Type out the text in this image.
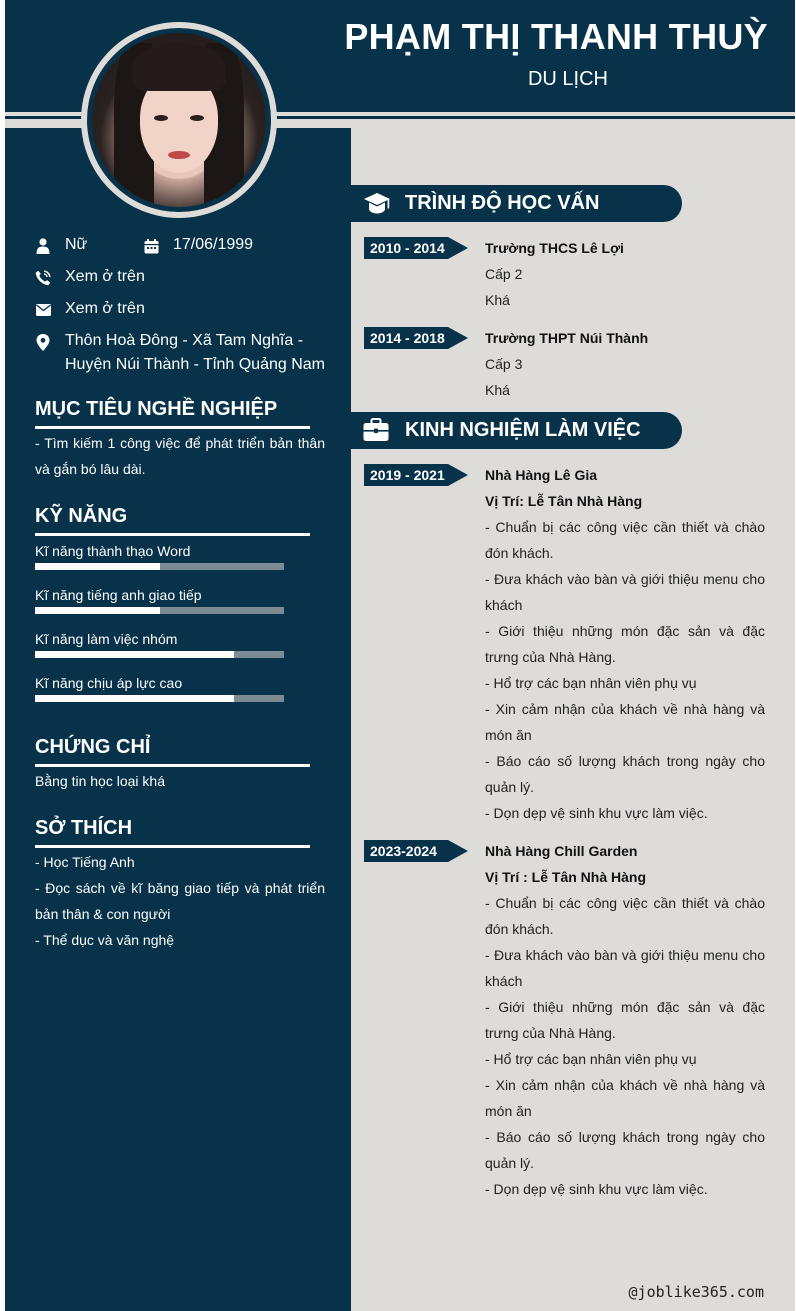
PHẠM THỊ THANH THUỲ
DU LỊCH
Nữ	17/06/1999
Xem ở trên
Xem ở trên
Thôn Hoà Đông - Xã Tam Nghĩa - Huyện Núi Thành - Tỉnh Quảng Nam
MỤC TIÊU NGHỀ NGHIỆP
- Tìm kiếm 1 công việc để phát triển bản thân và gắn bó lâu dài.
KỸ NĂNG
Kĩ năng thành thạo Word
Kĩ năng tiếng anh giao tiếp
Kĩ năng làm việc nhóm
Kĩ năng chịu áp lực cao
CHỨNG CHỈ
Bằng tin học loại khá
SỞ THÍCH
- Học Tiếng Anh
- Đọc sách về kĩ băng giao tiếp và phát triển bản thân & con người
- Thể dục và văn nghệ
TRÌNH ĐỘ HỌC VẤN
2010 - 2014	Trường THCS Lê Lợi
Cấp 2
Khá
2014 - 2018	Trường THPT Núi Thành
Cấp 3
Khá
KINH NGHIỆM LÀM VIỆC
2019 - 2021	Nhà Hàng Lê Gia
Vị Trí: Lễ Tân Nhà Hàng
- Chuẩn bị các công việc cần thiết và chào đón khách.
- Đưa khách vào bàn và giới thiệu menu cho khách
- Giới thiệu những món đặc sản và đặc trưng của Nhà Hàng.
- Hổ trợ các bạn nhân viên phụ vụ
- Xin cảm nhận của khách về nhà hàng và món ăn
- Báo cáo số lượng khách trong ngày cho quản lý.
- Dọn dẹp vệ sinh khu vực làm việc.
2023-2024	Nhà Hàng Chill Garden
Vị Trí : Lễ Tân Nhà Hàng
- Chuẩn bị các công việc cần thiết và chào đón khách.
- Đưa khách vào bàn và giới thiệu menu cho khách
- Giới thiệu những món đặc sản và đặc trưng của Nhà Hàng.
- Hổ trợ các bạn nhân viên phụ vụ
- Xin cảm nhận của khách về nhà hàng và món ăn
- Báo cáo số lượng khách trong ngày cho quản lý.
- Dọn dẹp vệ sinh khu vực làm việc.
@joblike365.com
